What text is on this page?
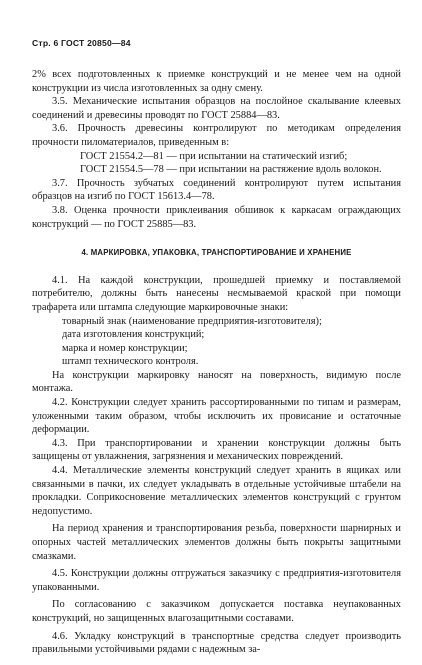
Стр. 6 ГОСТ 20850—84

2% всех подготовленных к приемке конструкций и не менее чем на одной конструкции из числа изготовленных за одну смену.

3.5. Механические испытания образцов на послойное скалывание клеевых соединений и древесины проводят по ГОСТ 25884—83.

3.6. Прочность древесины контролируют по методикам определения прочности пиломатериалов, приведенным в:

ГОСТ 21554.2—81 — при испытании на статический изгиб;

ГОСТ 21554.5—78 — при испытании на растяжение вдоль волокон.

3.7. Прочность зубчатых соединений контролируют путем испытания образцов на изгиб по ГОСТ 15613.4—78.

3.8. Оценка прочности приклеивания обшивок к каркасам ограждающих конструкций — по ГОСТ 25885—83.

4. МАРКИРОВКА, УПАКОВКА, ТРАНСПОРТИРОВАНИЕ И ХРАНЕНИЕ

4.1. На каждой конструкции, прошедшей приемку и поставляемой потребителю, должны быть нанесены несмываемой краской при помощи трафарета или штампа следующие маркировочные знаки:

товарный знак (наименование предприятия-изготовителя);

дата изготовления конструкций;

марка и номер конструкции;

штамп технического контроля.

На конструкции маркировку наносят на поверхность, видимую после монтажа.

4.2. Конструкции следует хранить рассортированными по типам и размерам, уложенными таким образом, чтобы исключить их провисание и остаточные деформации.

4.3. При транспортировании и хранении конструкции должны быть защищены от увлажнения, загрязнения и механических повреждений.

4.4. Металлические элементы конструкций следует хранить в ящиках или связанными в пачки, их следует укладывать в отдельные устойчивые штабели на прокладки. Соприкосновение металлических элементов конструкций с грунтом недопустимо.

На период хранения и транспортирования резьба, поверхности шарнирных и опорных частей металлических элементов должны быть покрыты защитными смазками.

4.5. Конструкции должны отгружаться заказчику с предприятия-изготовителя упакованными.

По согласованию с заказчиком допускается поставка неупакованных конструкций, но защищенных влагозащитными составами.

4.6. Укладку конструкций в транспортные средства следует производить правильными устойчивыми рядами с надежным за-
